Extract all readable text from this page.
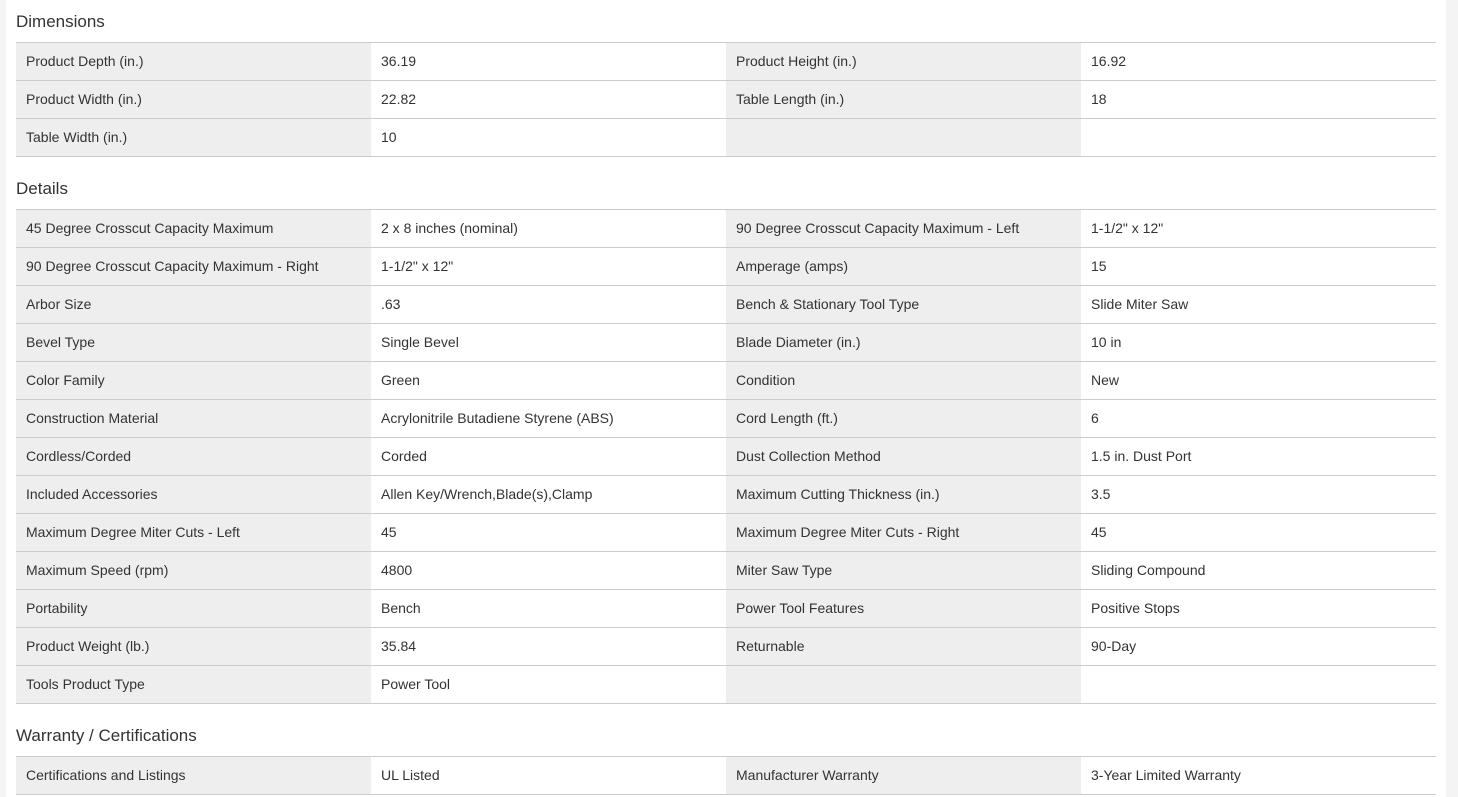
Dimensions
Product Depth (in.)	36.19	Product Height (in.)	16.92
Product Width (in.)	22.82	Table Length (in.)	18
Table Width (in.)	10
Details
45 Degree Crosscut Capacity Maximum	2 x 8 inches (nominal)	90 Degree Crosscut Capacity Maximum - Left	1-1/2" x 12"
90 Degree Crosscut Capacity Maximum - Right	1-1/2" x 12"	Amperage (amps)	15
Arbor Size	.63	Bench & Stationary Tool Type	Slide Miter Saw
Bevel Type	Single Bevel	Blade Diameter (in.)	10 in
Color Family	Green	Condition	New
Construction Material	Acrylonitrile Butadiene Styrene (ABS)	Cord Length (ft.)	6
Cordless/Corded	Corded	Dust Collection Method	1.5 in. Dust Port
Included Accessories	Allen Key/Wrench,Blade(s),Clamp	Maximum Cutting Thickness (in.)	3.5
Maximum Degree Miter Cuts - Left	45	Maximum Degree Miter Cuts - Right	45
Maximum Speed (rpm)	4800	Miter Saw Type	Sliding Compound
Portability	Bench	Power Tool Features	Positive Stops
Product Weight (lb.)	35.84	Returnable	90-Day
Tools Product Type	Power Tool
Warranty / Certifications
Certifications and Listings	UL Listed	Manufacturer Warranty	3-Year Limited Warranty
